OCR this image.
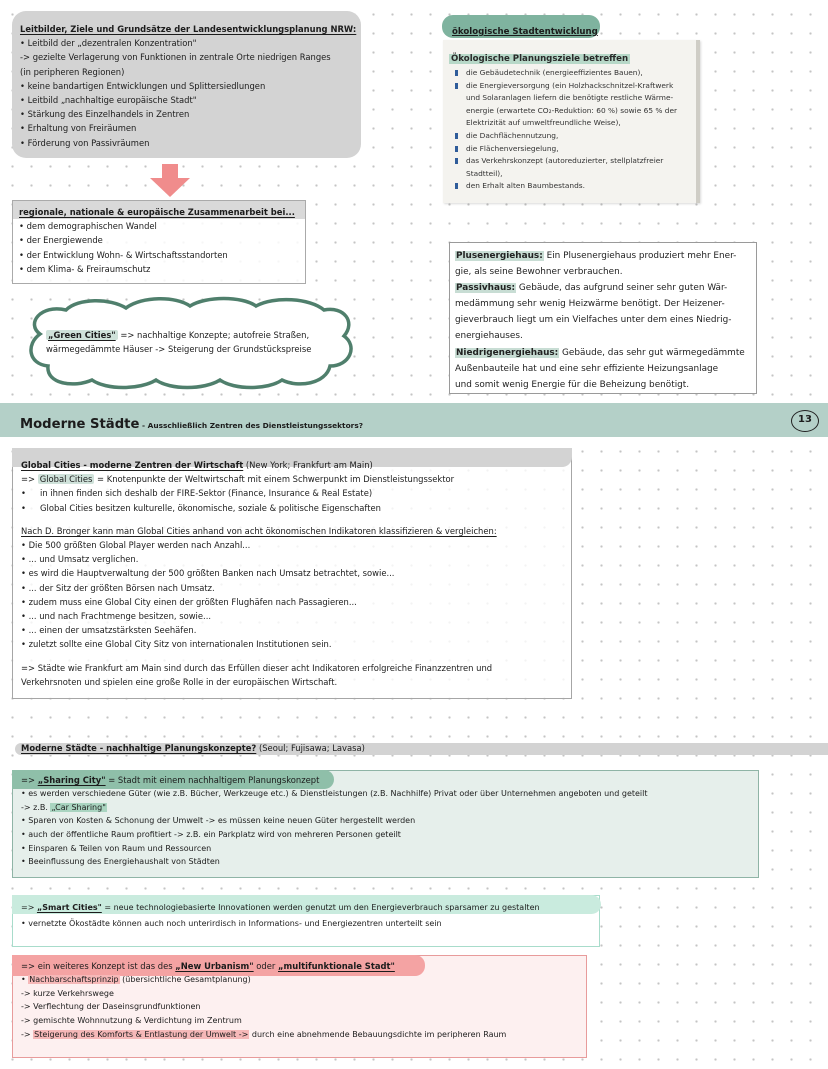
Leitbilder, Ziele und Grundsätze der Landesentwicklungsplanung NRW:
• Leitbild der „dezentralen Konzentration"
-> gezielte Verlagerung von Funktionen in zentrale Orte niedrigen Ranges
(in peripheren Regionen)
• keine bandartigen Entwicklungen und Splittersiedlungen
• Leitbild „nachhaltige europäische Stadt"
• Stärkung des Einzelhandels in Zentren
• Erhaltung von Freiräumen
• Förderung von Passivräumen
regionale, nationale & europäische Zusammenarbeit bei...
• dem demographischen Wandel
• der Energiewende
• der Entwicklung Wohn- & Wirtschaftsstandorten
• dem Klima- & Freiraumschutz
„Green Cities" => nachhaltige Konzepte; autofreie Straßen,
wärmegedämmte Häuser -> Steigerung der Grundstückspreise
ökologische Stadtentwicklung
Ökologische Planungsziele betreffen
die Gebäudetechnik (energieeffizientes Bauen),
die Energieversorgung (ein Holzhackschnitzel-Kraftwerk
und Solaranlagen liefern die benötigte restliche Wärme-
energie (erwartete CO₂-Reduktion: 60 %) sowie 65 % der
Elektrizität auf umweltfreundliche Weise),
die Dachflächennutzung,
die Flächenversiegelung,
das Verkehrskonzept (autoreduzierter, stellplatzfreier
Stadtteil),
den Erhalt alten Baumbestands.

Plusenergiehaus: Ein Plusenergiehaus produziert mehr Ener-

gie, als seine Bewohner verbrauchen.

Passivhaus: Gebäude, das aufgrund seiner sehr guten Wär-

medämmung sehr wenig Heizwärme benötigt. Der Heizener-

gieverbrauch liegt um ein Vielfaches unter dem eines Niedrig-

energiehauses.

Niedrigenergiehaus: Gebäude, das sehr gut wärmegedämmte

Außenbauteile hat und eine sehr effiziente Heizungsanlage

und somit wenig Energie für die Beheizung benötigt.

Moderne Städte - Ausschließlich Zentren des Dienstleistungssektors?
13
Global Cities - moderne Zentren der Wirtschaft (New York; Frankfurt am Main)
=> Global Cities = Knotenpunkte der Weltwirtschaft mit einem Schwerpunkt im Dienstleistungssektor
• in ihnen finden sich deshalb der FIRE-Sektor (Finance, Insurance & Real Estate)
• Global Cities besitzen kulturelle, ökonomische, soziale & politische Eigenschaften
Nach D. Bronger kann man Global Cities anhand von acht ökonomischen Indikatoren klassifizieren & vergleichen:
• Die 500 größten Global Player werden nach Anzahl...
• ... und Umsatz verglichen.
• es wird die Hauptverwaltung der 500 größten Banken nach Umsatz betrachtet, sowie...
• ... der Sitz der größten Börsen nach Umsatz.
• zudem muss eine Global City einen der größten Flughäfen nach Passagieren...
• ... und nach Frachtmenge besitzen, sowie...
• ... einen der umsatzstärksten Seehäfen.
• zuletzt sollte eine Global City Sitz von internationalen Institutionen sein.
=> Städte wie Frankfurt am Main sind durch das Erfüllen dieser acht Indikatoren erfolgreiche Finanzzentren und
Verkehrsnoten und spielen eine große Rolle in der europäischen Wirtschaft.
Moderne Städte - nachhaltige Planungskonzepte? (Seoul; Fujisawa; Lavasa)
=> „Sharing City" = Stadt mit einem nachhaltigem Planungskonzept
• es werden verschiedene Güter (wie z.B. Bücher, Werkzeuge etc.) & Dienstleistungen (z.B. Nachhilfe) Privat oder über Unternehmen angeboten und geteilt
-> z.B. „Car Sharing"
• Sparen von Kosten & Schonung der Umwelt -> es müssen keine neuen Güter hergestellt werden
• auch der öffentliche Raum profitiert -> z.B. ein Parkplatz wird von mehreren Personen geteilt
• Einsparen & Teilen von Raum und Ressourcen
• Beeinflussung des Energiehaushalt von Städten
=> „Smart Cities" = neue technologiebasierte Innovationen werden genutzt um den Energieverbrauch sparsamer zu gestalten
• vernetzte Ökostädte können auch noch unterirdisch in Informations- und Energiezentren unterteilt sein
=> ein weiteres Konzept ist das des „New Urbanism" oder „multifunktionale Stadt"
• Nachbarschaftsprinzip (übersichtliche Gesamtplanung)
-> kurze Verkehrswege
-> Verflechtung der Daseinsgrundfunktionen
-> gemischte Wohnnutzung & Verdichtung im Zentrum
-> Steigerung des Komforts & Entlastung der Umwelt -> durch eine abnehmende Bebauungsdichte im peripheren Raum
